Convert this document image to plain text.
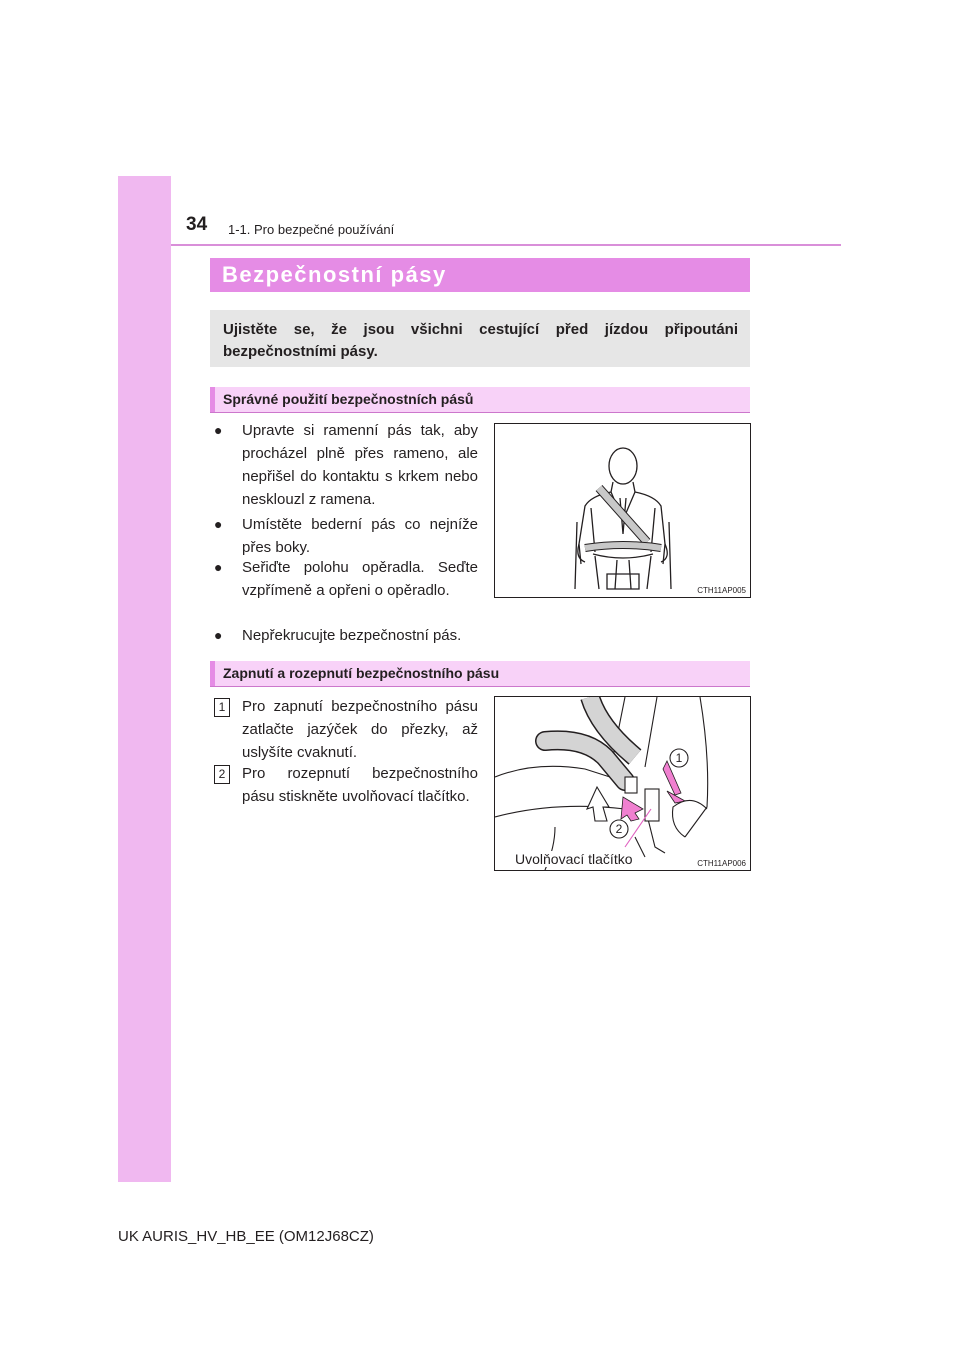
34 1-1. Pro bezpečné používání
Bezpečnostní pásy

Ujistěte se, že jsou všichni cestující před jízdou připoutáni bezpečnostními pásy.

Správné použití bezpečnostních pásů
●	Upravte si ramenní pás tak, aby procházel plně přes rameno, ale nepřišel do kontaktu s krkem nebo nesklouzl z ramena.
●	Umístěte bederní pás co nejníže přes boky.
●	Seřiďte polohu opěradla. Seďte vzpřímeně a opřeni o opěradlo.
●	Nepřekrucujte bezpečnostní pás.
CTH11AP005
Zapnutí a rozepnutí bezpečnostního pásu
1	Pro zapnutí bezpečnostního pásu zatlačte jazýček do přezky, až uslyšíte cvaknutí.
2	Pro rozepnutí bezpečnostního pásu stiskněte uvolňovací tlačítko.
Uvolňovací tlačítko	CTH11AP006
1
2
UK AURIS_HV_HB_EE (OM12J68CZ)
